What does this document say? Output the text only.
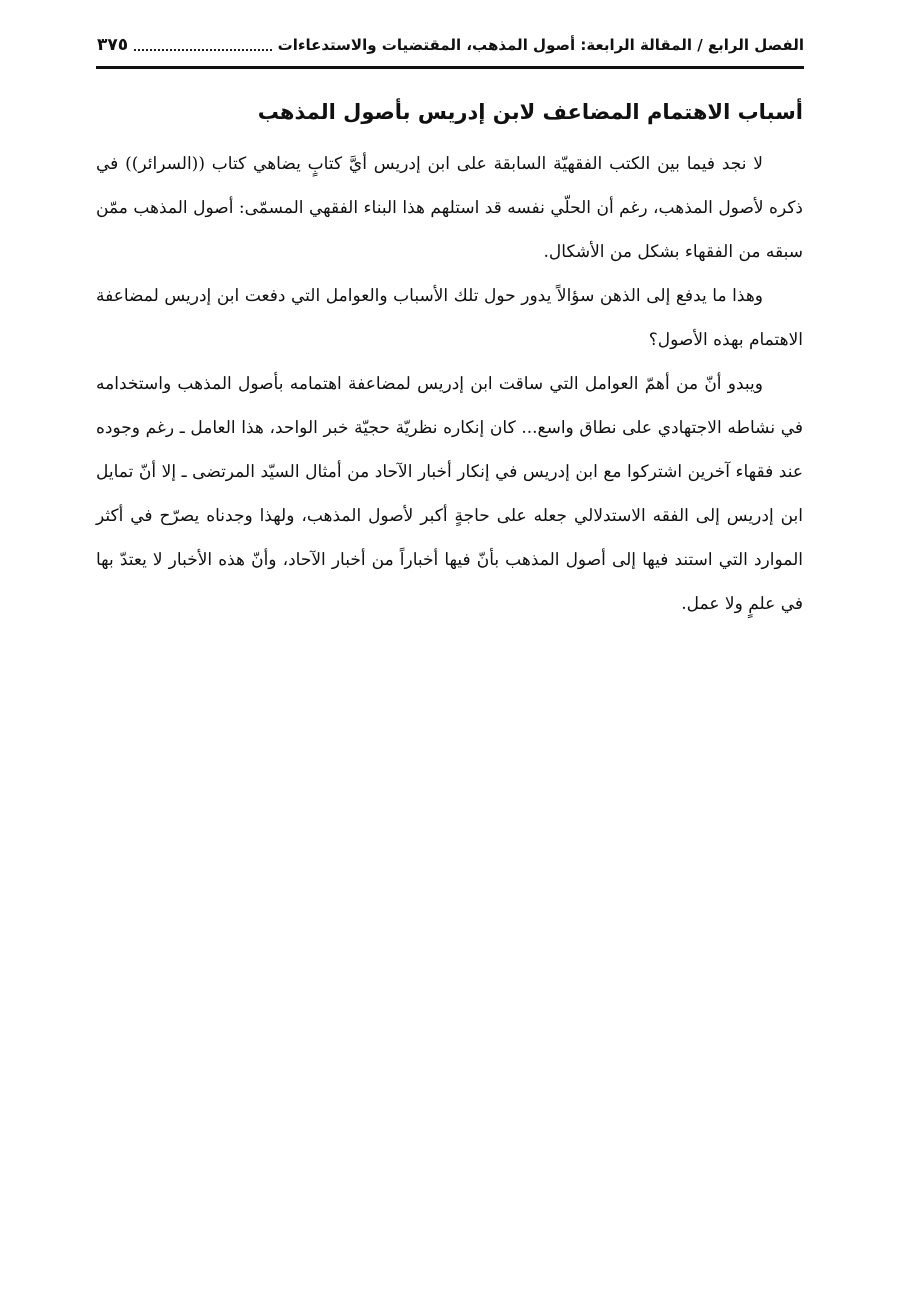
الفصل الرابع / المقالة الرابعة: أصول المذهب، المقتضيات والاستدعاءات
٣٧٥
أسباب الاهتمام المضاعف لابن إدريس بأصول المذهب

لا نجد فيما بين الكتب الفقهيّة السابقة على ابن إدريس أيَّ كتابٍ يضاهي كتاب ((السرائر)) في ذكره لأصول المذهب، رغم أن الحلّي نفسه قد استلهم هذا البناء الفقهي المسمّى: أصول المذهب ممّن سبقه من الفقهاء بشكل من الأشكال.

وهذا ما يدفع إلى الذهن سؤالاً يدور حول تلك الأسباب والعوامل التي دفعت ابن إدريس لمضاعفة الاهتمام بهذه الأصول؟

ويبدو أنّ من أهمّ العوامل التي ساقت ابن إدريس لمضاعفة اهتمامه بأصول المذهب واستخدامه في نشاطه الاجتهادي على نطاق واسع... كان إنكاره نظريّة حجيّة خبر الواحد، هذا العامل ـ رغم وجوده عند فقهاء آخرين اشتركوا مع ابن إدريس في إنكار أخبار الآحاد من أمثال السيّد المرتضى ـ إلا أنّ تمايل ابن إدريس إلى الفقه الاستدلالي جعله على حاجةٍ أكبر لأصول المذهب، ولهذا وجدناه يصرّح في أكثر الموارد التي استند فيها إلى أصول المذهب بأنّ فيها أخباراً من أخبار الآحاد، وأنّ هذه الأخبار لا يعتدّ بها في علمٍ ولا عمل.
